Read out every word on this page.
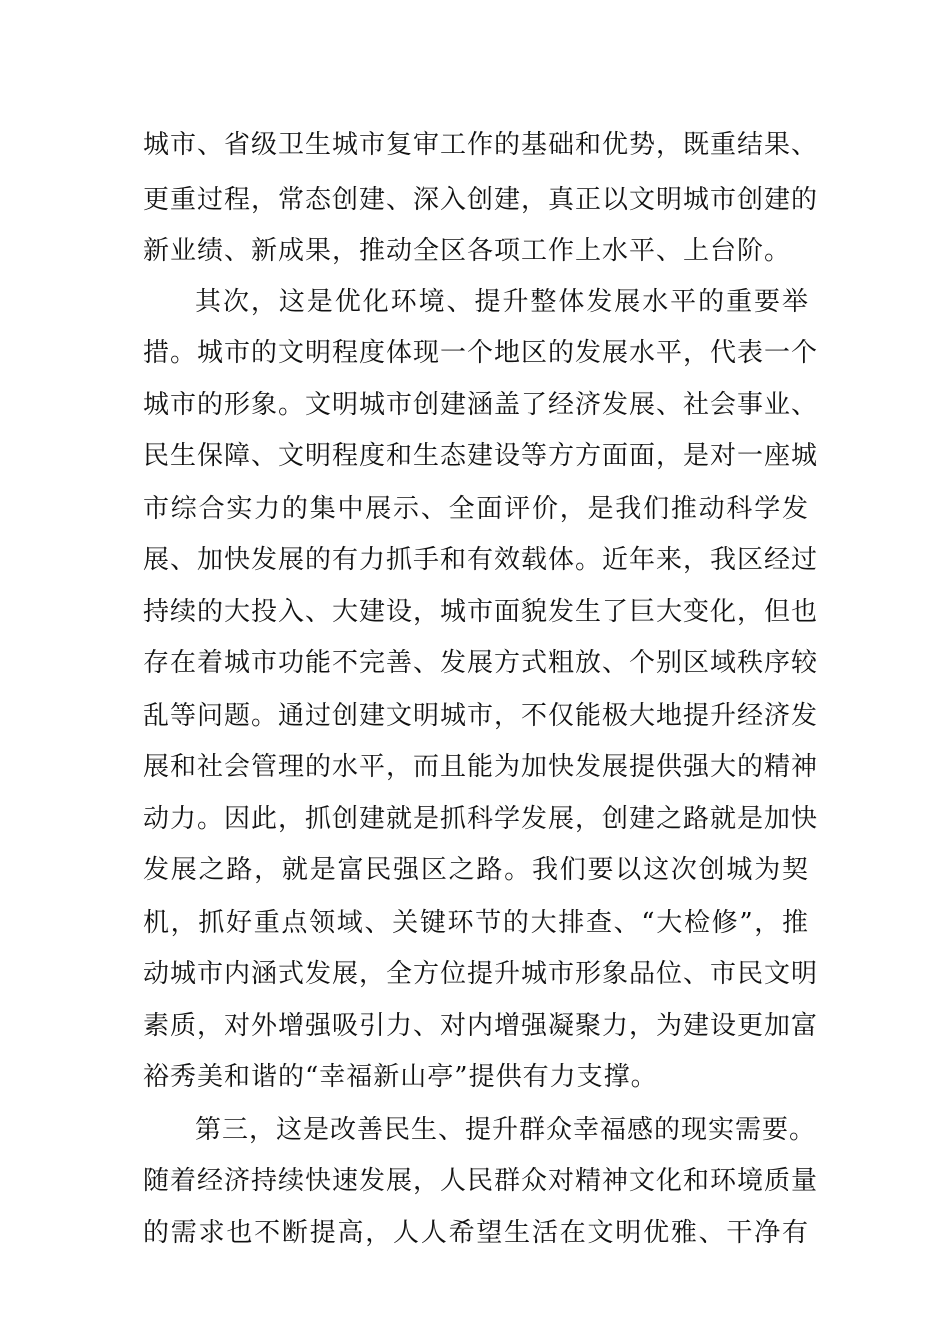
城市、省级卫生城市复审工作的基础和优势，既重结果、
更重过程，常态创建、深入创建，真正以文明城市创建的
新业绩、新成果，推动全区各项工作上水平、上台阶。
其次，这是优化环境、提升整体发展水平的重要举
措。城市的文明程度体现一个地区的发展水平，代表一个
城市的形象。文明城市创建涵盖了经济发展、社会事业、
民生保障、文明程度和生态建设等方方面面，是对一座城
市综合实力的集中展示、全面评价，是我们推动科学发
展、加快发展的有力抓手和有效载体。近年来，我区经过
持续的大投入、大建设，城市面貌发生了巨大变化，但也
存在着城市功能不完善、发展方式粗放、个别区域秩序较
乱等问题。通过创建文明城市，不仅能极大地提升经济发
展和社会管理的水平，而且能为加快发展提供强大的精神
动力。因此，抓创建就是抓科学发展，创建之路就是加快
发展之路，就是富民强区之路。我们要以这次创城为契
机，抓好重点领域、关键环节的大排查、“大检修”，推
动城市内涵式发展，全方位提升城市形象品位、市民文明
素质，对外增强吸引力、对内增强凝聚力，为建设更加富
裕秀美和谐的“幸福新山亭”提供有力支撑。
第三，这是改善民生、提升群众幸福感的现实需要。
随着经济持续快速发展，人民群众对精神文化和环境质量
的需求也不断提高，人人希望生活在文明优雅、干净有
